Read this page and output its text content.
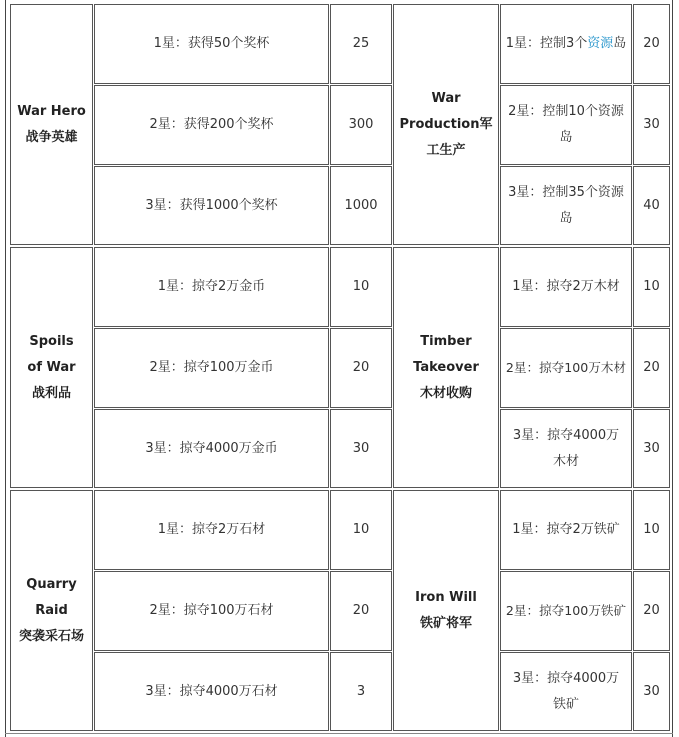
War Hero
战争英雄
1星：获得50个奖杯
2星：获得200个奖杯
3星：获得1000个奖杯
25
300
1000
War
Production军
工生产
1星：控制3个资源岛
2星：控制10个资源岛
3星：控制35个资源岛
20
30
40
Spoils of War
战利品
1星：掠夺2万金币
2星：掠夺100万金币
3星：掠夺4000万金币
10
20
30
Timber Takeover
木材收购
1星：掠夺2万木材
2星：掠夺100万木材
3星：掠夺4000万木材
10
20
30
Quarry Raid
突袭采石场
1星：掠夺2万石材
2星：掠夺100万石材
3星：掠夺4000万石材
10
20
3
Iron Will
铁矿将军
1星：掠夺2万铁矿
2星：掠夺100万铁矿
3星：掠夺4000万铁矿
10
20
30
